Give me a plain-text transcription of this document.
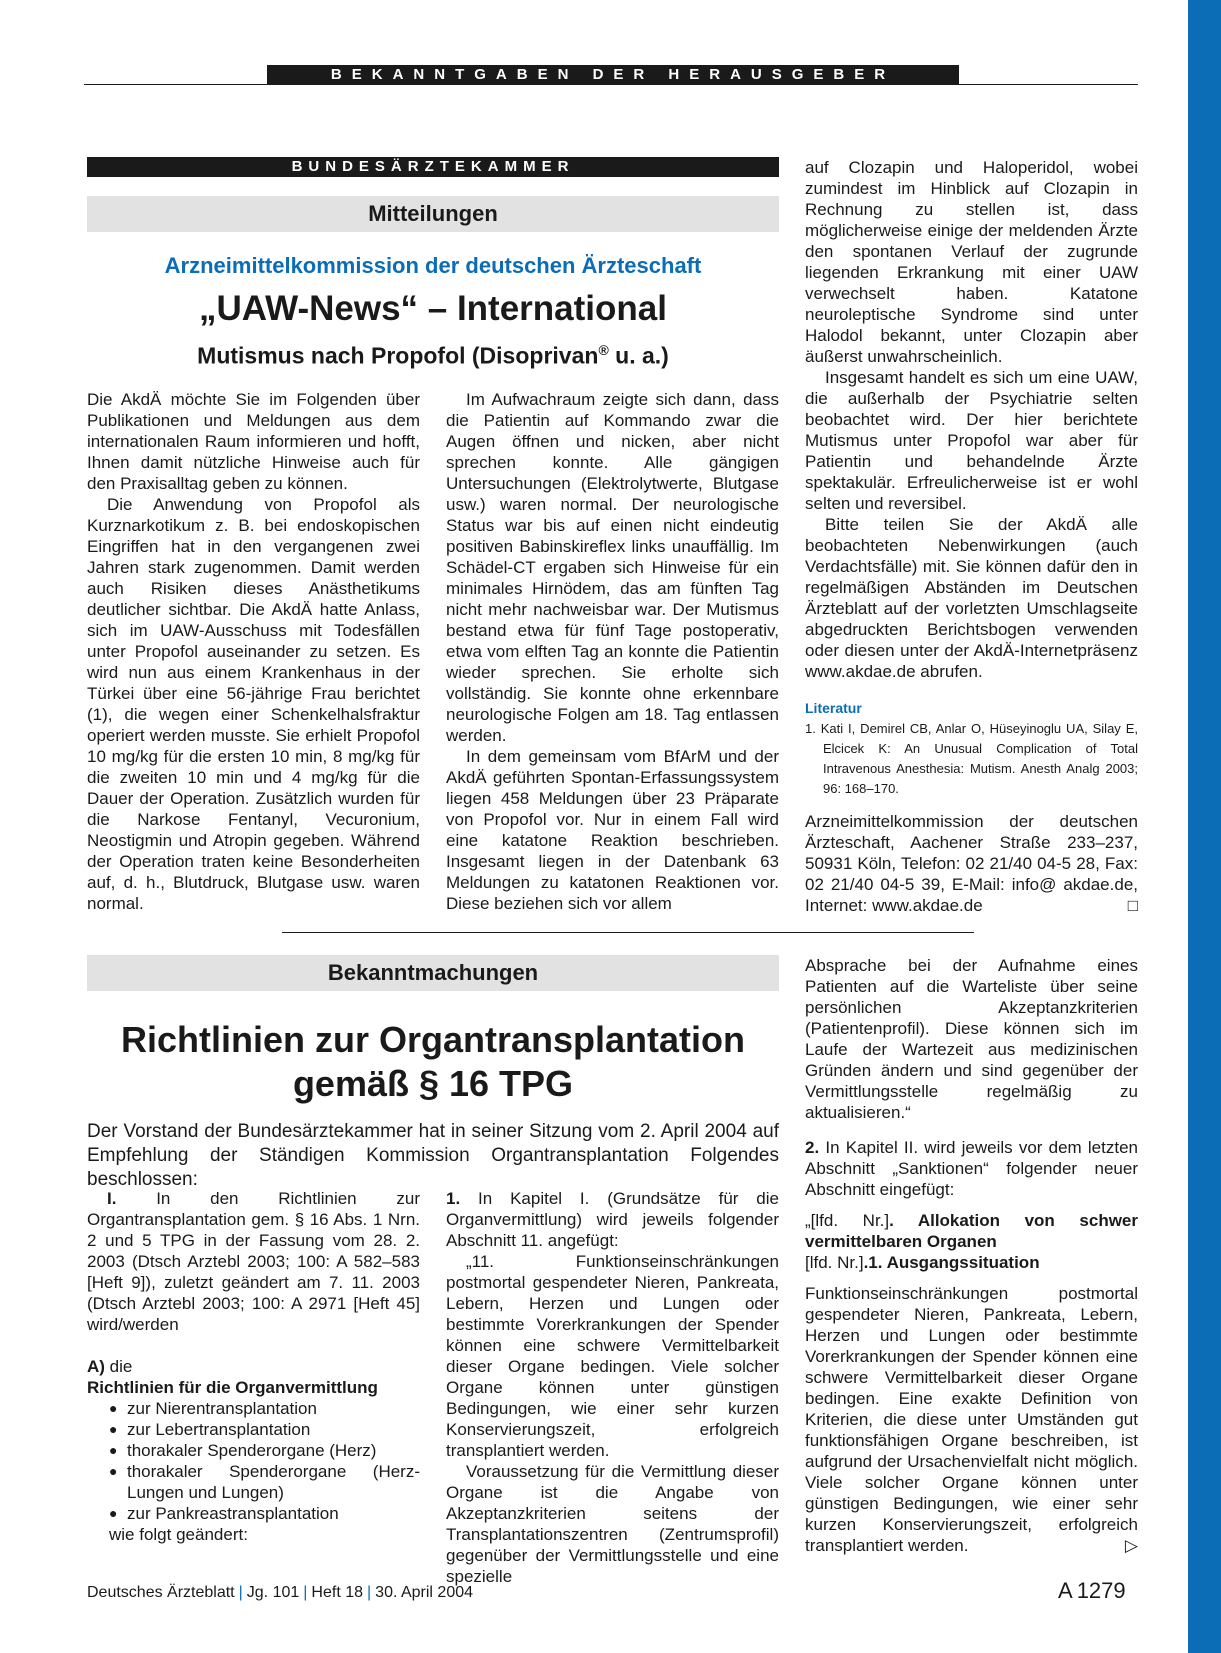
BEKANNTGABEN DER HERAUSGEBER
BUNDESÄRZTEKAMMER
Mitteilungen
Arzneimittelkommission der deutschen Ärzteschaft
„UAW-News“ – International
Mutismus nach Propofol (Disoprivan® u. a.)

Die AkdÄ möchte Sie im Folgenden über Publikationen und Meldungen aus dem internationalen Raum informieren und hofft, Ihnen damit nützliche Hinweise auch für den Praxisalltag geben zu können.

Die Anwendung von Propofol als Kurznarkotikum z. B. bei endoskopischen Eingriffen hat in den vergangenen zwei Jahren stark zugenommen. Damit werden auch Risiken dieses Anästhetikums deutlicher sichtbar. Die AkdÄ hatte Anlass, sich im UAW-Ausschuss mit Todesfällen unter Propofol auseinander zu setzen. Es wird nun aus einem Krankenhaus in der Türkei über eine 56-jährige Frau berichtet (1), die wegen einer Schenkelhalsfraktur operiert werden musste. Sie erhielt Propofol 10 mg/kg für die ersten 10 min, 8 mg/kg für die zweiten 10 min und 4 mg/kg für die Dauer der Operation. Zusätzlich wurden für die Narkose Fentanyl, Vecuronium, Neostigmin und Atropin gegeben. Während der Operation traten keine Besonderheiten auf, d. h., Blutdruck, Blutgase usw. waren normal.

Im Aufwachraum zeigte sich dann, dass die Patientin auf Kommando zwar die Augen öffnen und nicken, aber nicht sprechen konnte. Alle gängigen Untersuchungen (Elektrolytwerte, Blutgase usw.) waren normal. Der neurologische Status war bis auf einen nicht eindeutig positiven Babinskireflex links unauffällig. Im Schädel-CT ergaben sich Hinweise für ein minimales Hirnödem, das am fünften Tag nicht mehr nachweisbar war. Der Mutismus bestand etwa für fünf Tage postoperativ, etwa vom elften Tag an konnte die Patientin wieder sprechen. Sie erholte sich vollständig. Sie konnte ohne erkennbare neurologische Folgen am 18. Tag entlassen werden.

In dem gemeinsam vom BfArM und der AkdÄ geführten Spontan-Erfassungssystem liegen 458 Meldungen über 23 Präparate von Propofol vor. Nur in einem Fall wird eine katatone Reaktion beschrieben. Insgesamt liegen in der Datenbank 63 Meldungen zu katatonen Reaktionen vor. Diese beziehen sich vor allem

auf Clozapin und Haloperidol, wobei zumindest im Hinblick auf Clozapin in Rechnung zu stellen ist, dass möglicherweise einige der meldenden Ärzte den spontanen Verlauf der zugrunde liegenden Erkrankung mit einer UAW verwechselt haben. Katatone neuroleptische Syndrome sind unter Halodol bekannt, unter Clozapin aber äußerst unwahrscheinlich.

Insgesamt handelt es sich um eine UAW, die außerhalb der Psychiatrie selten beobachtet wird. Der hier berichtete Mutismus unter Propofol war aber für Patientin und behandelnde Ärzte spektakulär. Erfreulicherweise ist er wohl selten und reversibel.

Bitte teilen Sie der AkdÄ alle beobachteten Nebenwirkungen (auch Verdachtsfälle) mit. Sie können dafür den in regelmäßigen Abständen im Deutschen Ärzteblatt auf der vorletzten Umschlagseite abgedruckten Berichtsbogen verwenden oder diesen unter der AkdÄ-Internetpräsenz www.akdae.de abrufen.

Literatur
1. Kati I, Demirel CB, Anlar O, Hüseyinoglu UA, Silay E, Elcicek K: An Unusual Complication of Total Intravenous Anesthesia: Mutism. Anesth Analg 2003; 96: 168–170.

Arzneimittelkommission der deutschen Ärzteschaft, Aachener Straße 233–237, 50931 Köln, Telefon: 02 21/40 04-5 28, Fax: 02 21/40 04-5 39, E-Mail: info@ akdae.de, Internet: www.akdae.de	□

Bekanntmachungen
Richtlinien zur Organtransplantation
gemäß § 16 TPG
Der Vorstand der Bundesärztekammer hat in seiner Sitzung vom 2. April 2004 auf Empfehlung der Ständigen Kommission Organtransplantation Folgendes beschlossen:

I. In den Richtlinien zur Organtransplantation gem. § 16 Abs. 1 Nrn. 2 und 5 TPG in der Fassung vom 28. 2. 2003 (Dtsch Arztebl 2003; 100: A 582–583 [Heft 9]), zuletzt geändert am 7. 11. 2003 (Dtsch Arztebl 2003; 100: A 2971 [Heft 45] wird/werden

A) die

Richtlinien für die Organvermittlung

● zur Nierentransplantation
● zur Lebertransplantation
● thorakaler Spenderorgane (Herz)
● thorakaler Spenderorgane (Herz-Lungen und Lungen)
● zur Pankreastransplantation

wie folgt geändert:

1. In Kapitel I. (Grundsätze für die Organvermittlung) wird jeweils folgender Abschnitt 11. angefügt:

„11. Funktionseinschränkungen postmortal gespendeter Nieren, Pankreata, Lebern, Herzen und Lungen oder bestimmte Vorerkrankungen der Spender können eine schwere Vermittelbarkeit dieser Organe bedingen. Viele solcher Organe können unter günstigen Bedingungen, wie einer sehr kurzen Konservierungszeit, erfolgreich transplantiert werden.

Voraussetzung für die Vermittlung dieser Organe ist die Angabe von Akzeptanzkriterien seitens der Transplantationszentren (Zentrumsprofil) gegenüber der Vermittlungsstelle und eine spezielle

Absprache bei der Aufnahme eines Patienten auf die Warteliste über seine persönlichen Akzeptanzkriterien (Patientenprofil). Diese können sich im Laufe der Wartezeit aus medizinischen Gründen ändern und sind gegenüber der Vermittlungsstelle regelmäßig zu aktualisieren.“

2. In Kapitel II. wird jeweils vor dem letzten Abschnitt „Sanktionen“ folgender neuer Abschnitt eingefügt:

„[lfd. Nr.]. Allokation von schwer vermittelbaren Organen

[lfd. Nr.].1. Ausgangssituation

Funktionseinschränkungen postmortal gespendeter Nieren, Pankreata, Lebern, Herzen und Lungen oder bestimmte Vorerkrankungen der Spender können eine schwere Vermittelbarkeit dieser Organe bedingen. Eine exakte Definition von Kriterien, die diese unter Umständen gut funktionsfähigen Organe beschreiben, ist aufgrund der Ursachenvielfalt nicht möglich. Viele solcher Organe können unter günstigen Bedingungen, wie einer sehr kurzen Konservierungszeit, erfolgreich transplantiert werden.	▷

Deutsches Ärzteblatt | Jg. 101 | Heft 18 | 30. April 2004	A 1279
